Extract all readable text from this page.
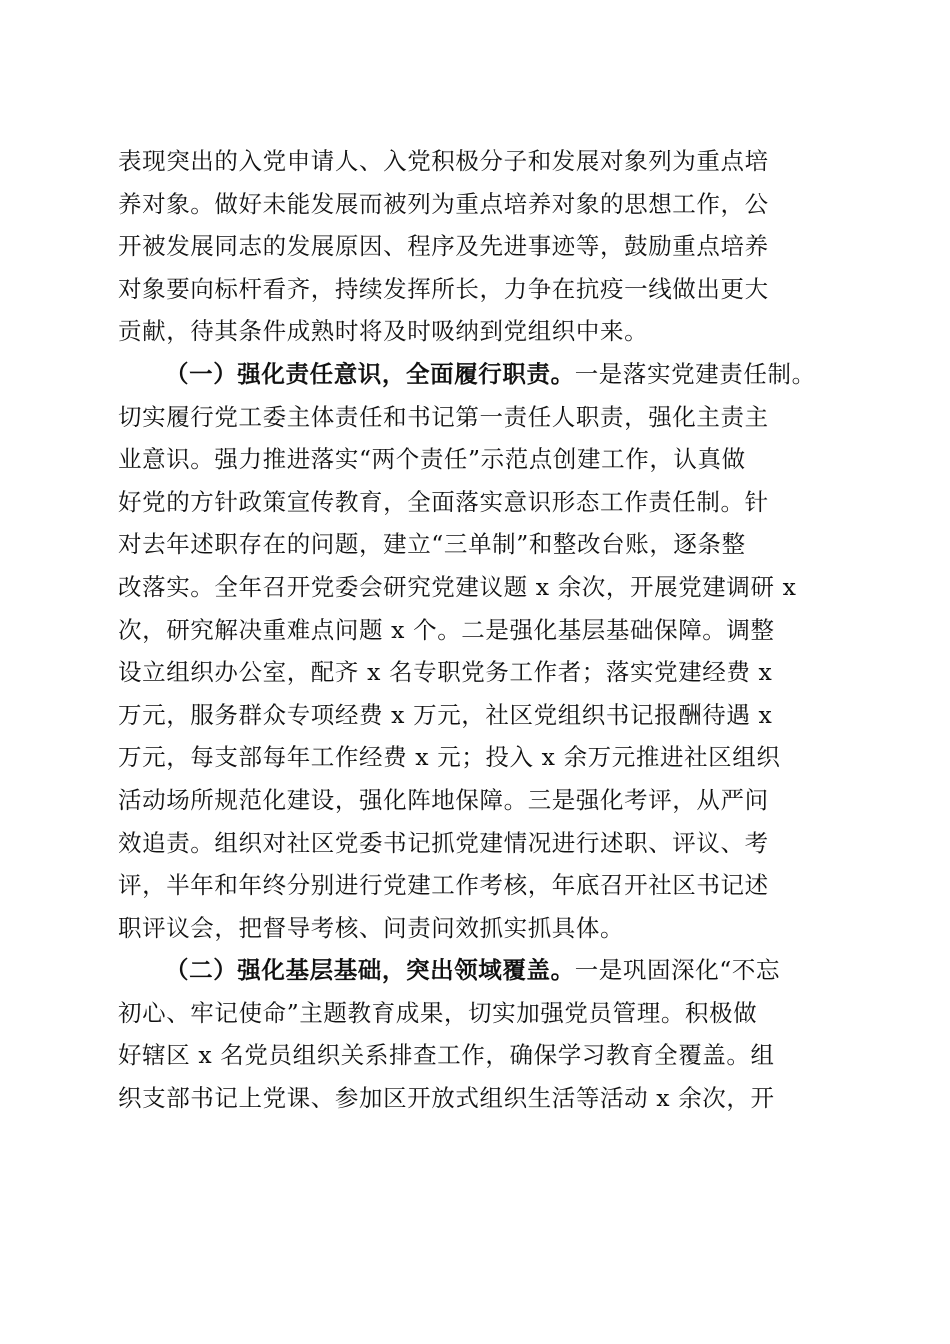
表现突出的入党申请人、入党积极分子和发展对象列为重点培
养对象。做好未能发展而被列为重点培养对象的思想工作，公
开被发展同志的发展原因、程序及先进事迹等，鼓励重点培养
对象要向标杆看齐，持续发挥所长，力争在抗疫一线做出更大
贡献，待其条件成熟时将及时吸纳到党组织中来。
（一）强化责任意识，全面履行职责。一是落实党建责任制。
切实履行党工委主体责任和书记第一责任人职责，强化主责主
业意识。强力推进落实“两个责任”示范点创建工作，认真做
好党的方针政策宣传教育，全面落实意识形态工作责任制。针
对去年述职存在的问题，建立“三单制”和整改台账，逐条整
改落实。全年召开党委会研究党建议题 x 余次，开展党建调研 x
次，研究解决重难点问题 x 个。二是强化基层基础保障。调整
设立组织办公室，配齐 x 名专职党务工作者；落实党建经费 x
万元，服务群众专项经费 x 万元，社区党组织书记报酬待遇 x
万元，每支部每年工作经费 x 元；投入 x 余万元推进社区组织
活动场所规范化建设，强化阵地保障。三是强化考评，从严问
效追责。组织对社区党委书记抓党建情况进行述职、评议、考
评，半年和年终分别进行党建工作考核，年底召开社区书记述
职评议会，把督导考核、问责问效抓实抓具体。
（二）强化基层基础，突出领域覆盖。一是巩固深化“不忘
初心、牢记使命”主题教育成果，切实加强党员管理。积极做
好辖区 x 名党员组织关系排查工作，确保学习教育全覆盖。组
织支部书记上党课、参加区开放式组织生活等活动 x 余次，开
